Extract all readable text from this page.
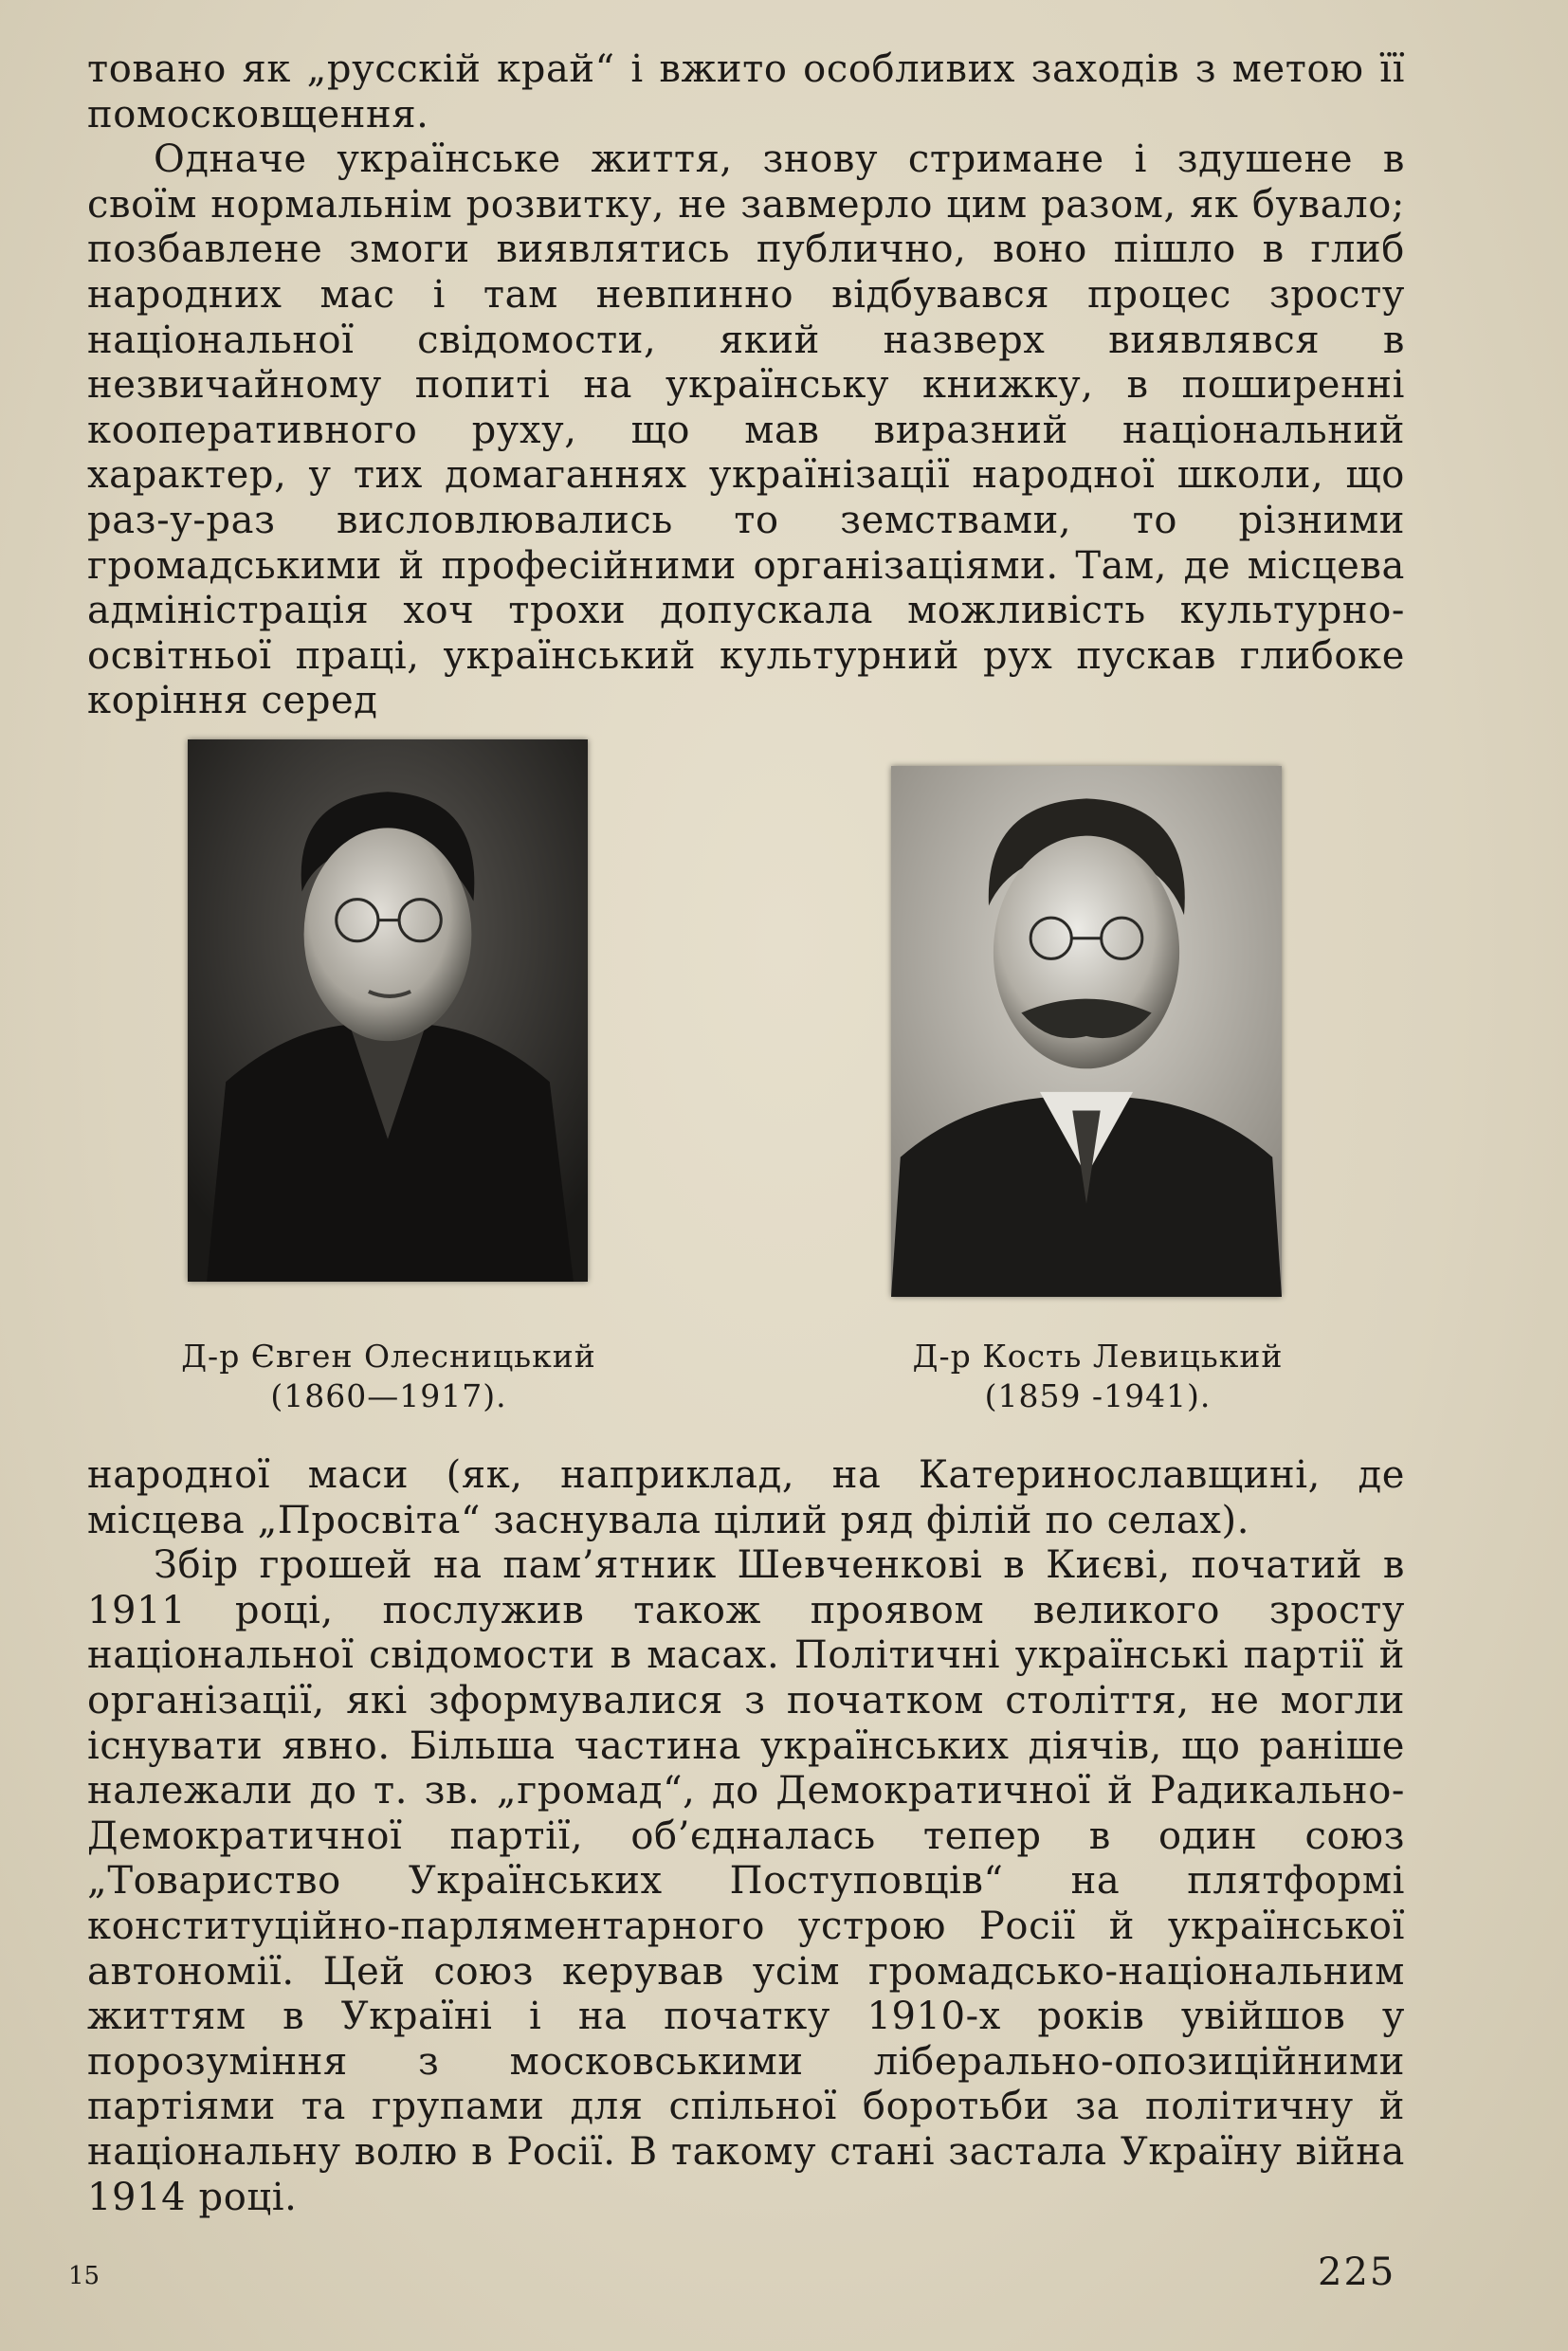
товано як „русскій край“ і вжито особливих заходів з метою її помосковщення.

Одначе українське життя, знову стримане і здушене в своїм нормальнім розвитку, не завмерло цим разом, як бувало; позбавлене змоги виявлятись публично, воно пішло в глиб народних мас і там невпинно відбувався процес зросту національної свідомости, який назверх виявлявся в незвичайному попиті на українську книжку, в поширенні кооперативного руху, що мав виразний національний характер, у тих домаганнях українізації народної школи, що раз-у-раз висловлювались то земствами, то різними громадськими й професійними організаціями. Там, де місцева адміністрація хоч трохи допускала можливість культурно-освітньої праці, український культурний рух пускав глибоке коріння серед

Д-р Євген Олесницький
(1860—1917).
Д-р Кость Левицький
(1859 -1941).

народної маси (як, наприклад, на Катеринославщині, де місцева „Просвіта“ заснувала цілий ряд філій по селах).

Збір грошей на пам’ятник Шевченкові в Києві, початий в 1911 році, послужив також проявом великого зросту національної свідомости в масах. Політичні українські партії й організації, які зформувалися з початком століття, не могли існувати явно. Більша частина українських діячів, що раніше належали до т. зв. „громад“, до Демократичної й Радикально-Демократичної партії, об’єдналась тепер в один союз „Товариство Українських Поступовців“ на плятформі конституційно-парляментарного устрою Росії й української автономії. Цей союз керував усім громадсько-національним життям в Україні і на початку 1910-х років увійшов у порозуміння з московськими ліберально-опозиційними партіями та групами для спільної боротьби за політичну й національну волю в Росії. В такому стані застала Україну війна 1914 році.

15	225
